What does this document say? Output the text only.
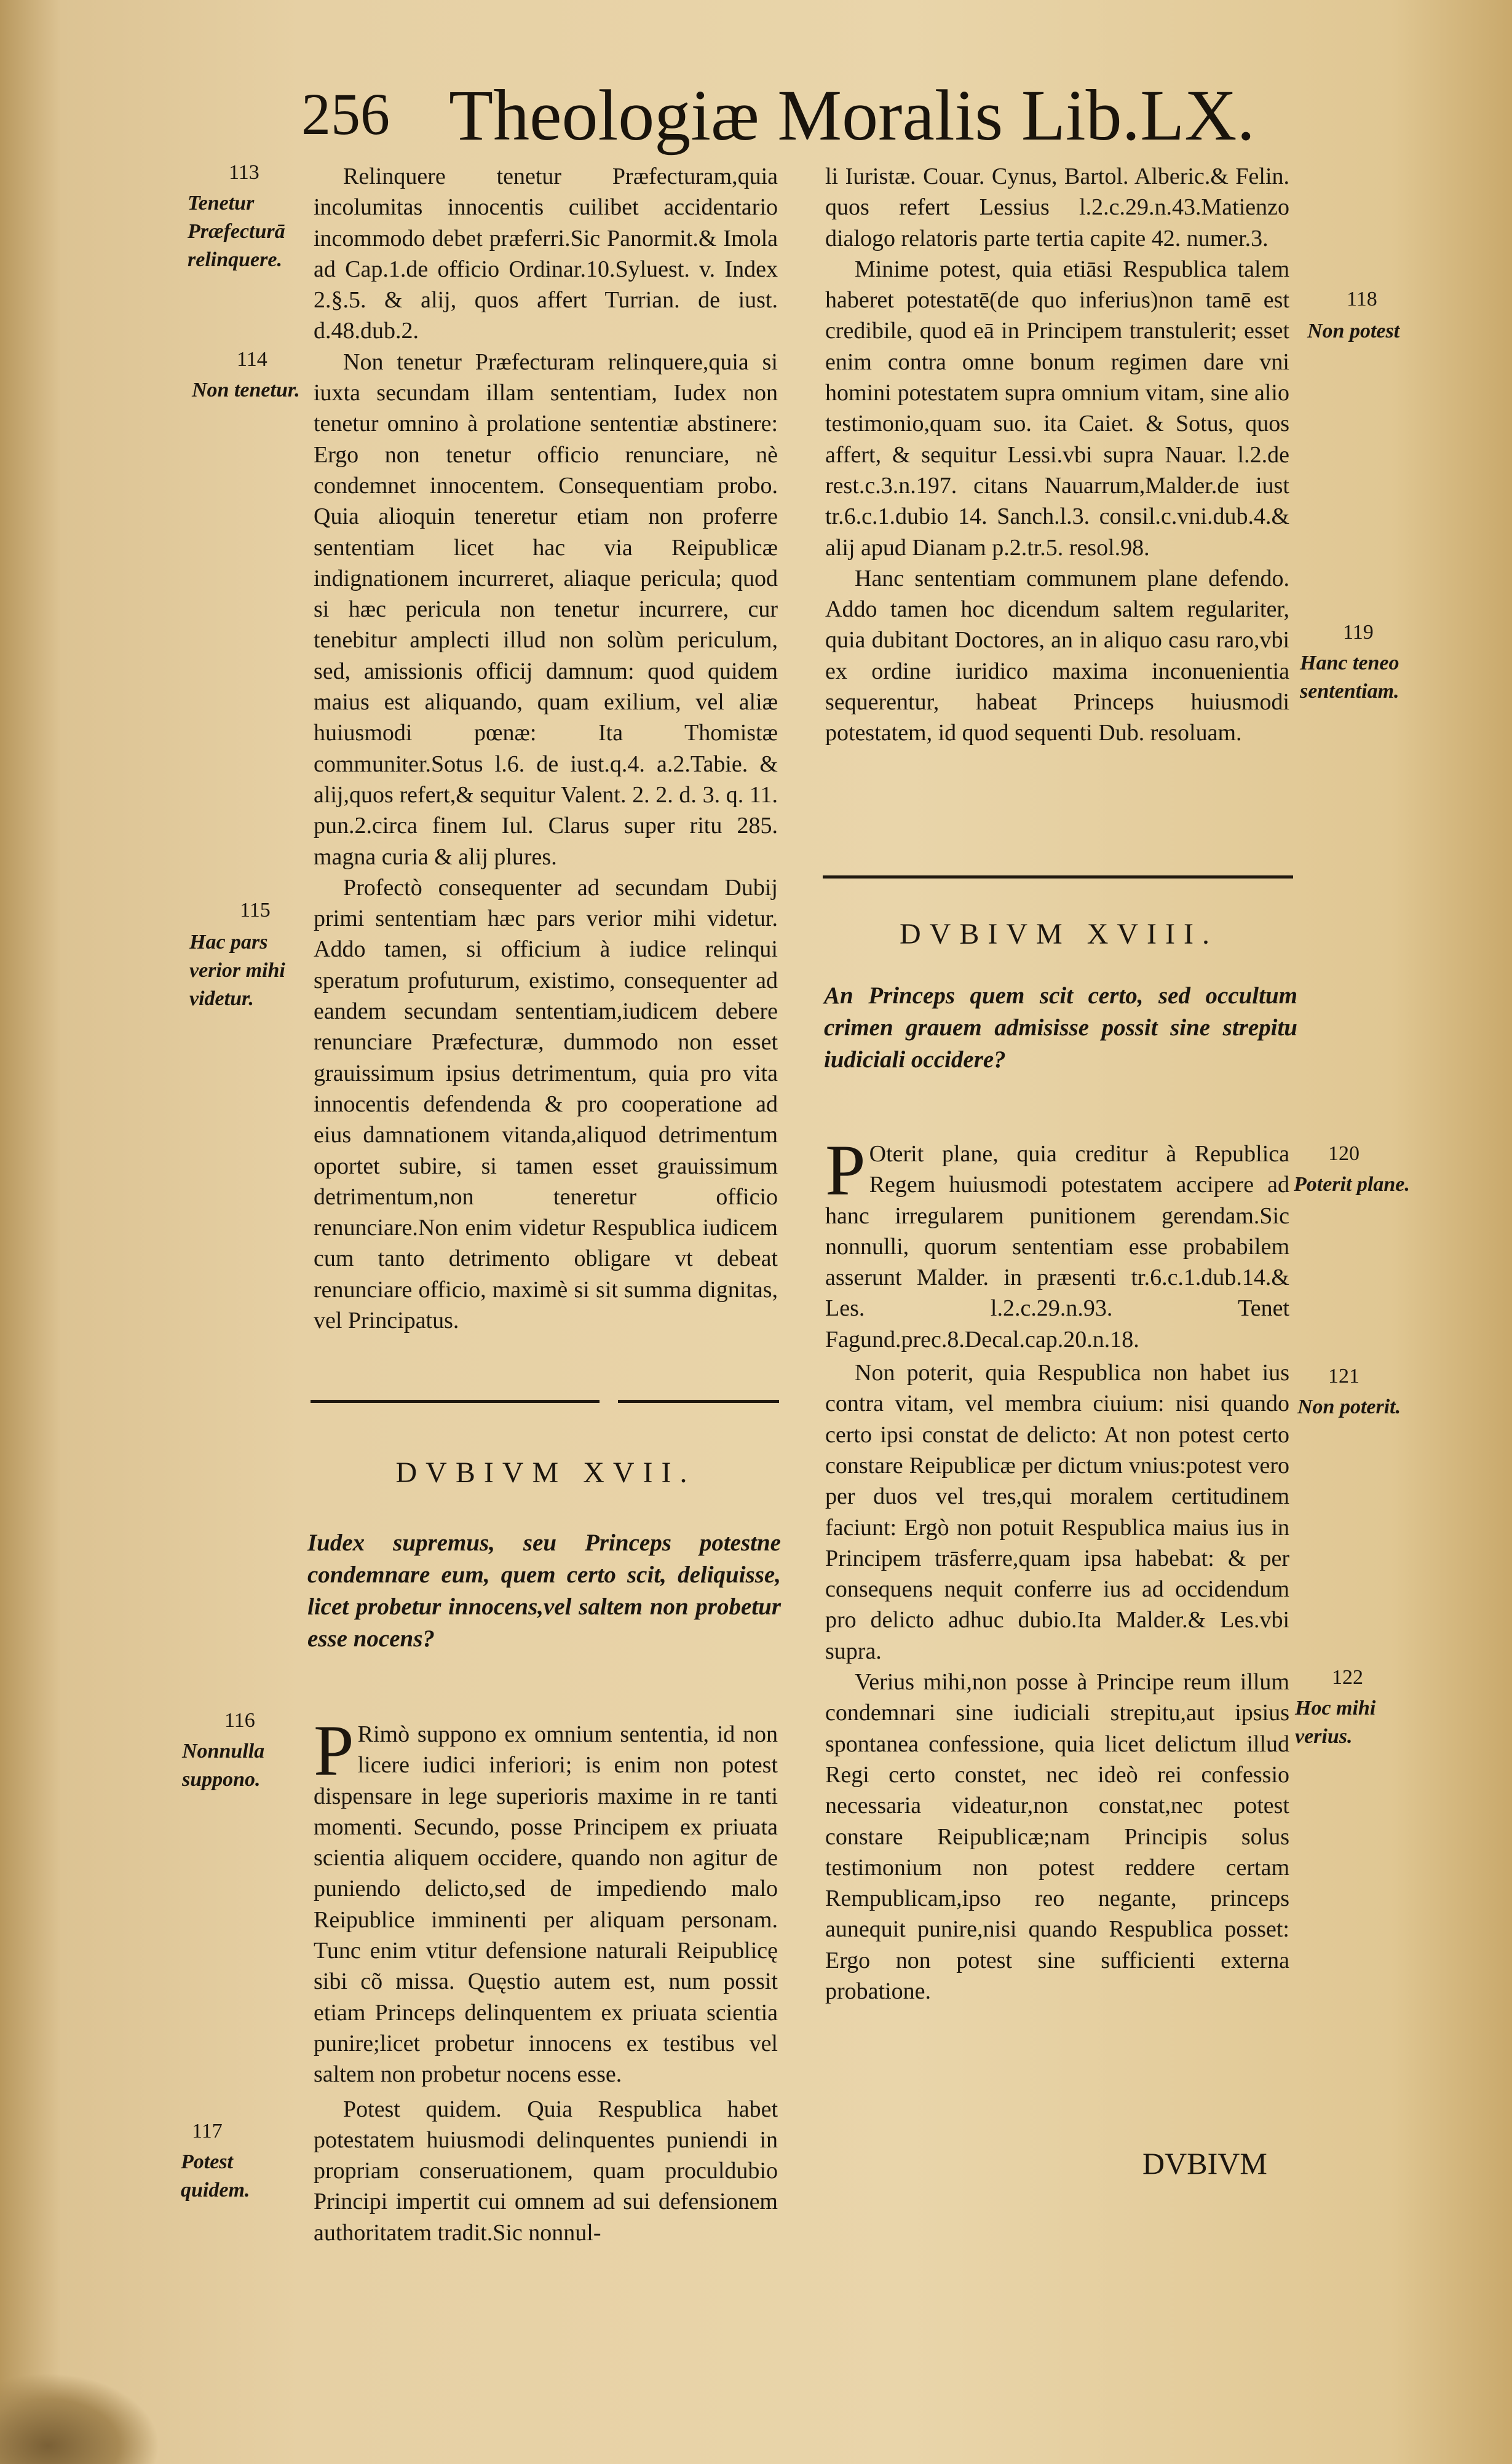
256 Theologiæ Moralis Lib.LX.

Relinquere tenetur Præfecturam,quia incolumitas innocentis cuilibet accidentario incommodo debet præferri.Sic Panormit.& Imola ad Cap.1.de officio Ordinar.10.Syluest. v. Index 2.§.5. & alij, quos affert Turrian. de iust. d.48.dub.2.

Non tenetur Præfecturam relinquere,quia si iuxta secundam illam sententiam, Iudex non tenetur omnino à prolatione sententiæ abstinere: Ergo non tenetur officio renunciare, nè condemnet innocentem. Consequentiam probo. Quia alioquin teneretur etiam non proferre sententiam licet hac via Reipublicæ indignationem incurreret, aliaque pericula; quod si hæc pericula non tenetur incurrere, cur tenebitur amplecti illud non solùm periculum, sed, amissionis officij damnum: quod quidem maius est aliquando, quam exilium, vel aliæ huiusmodi pœnæ: Ita Thomistæ communiter.Sotus l.6. de iust.q.4. a.2.Tabie. & alij,quos refert,& sequitur Valent. 2. 2. d. 3. q. 11. pun.2.circa finem Iul. Clarus super ritu 285. magna curia & alij plures.

Profectò consequenter ad secundam Dubij primi sententiam hæc pars verior mihi videtur. Addo tamen, si officium à iudice relinqui speratum profuturum, existimo, consequenter ad eandem secundam sententiam,iudicem debere renunciare Præfecturæ, dummodo non esset grauissimum ipsius detrimentum, quia pro vita innocentis defendenda & pro cooperatione ad eius damnationem vitanda,aliquod detrimentum oportet subire, si tamen esset grauissimum detrimentum,non teneretur officio renunciare.Non enim videtur Respublica iudicem cum tanto detrimento obligare vt debeat renunciare officio, maximè si sit summa dignitas, vel Principatus.

DVBIVM XVII.
Iudex supremus, seu Princeps potestne condemnare eum, quem certo scit, deliquisse, licet probetur innocens,vel saltem non probetur esse nocens?

P Rimò suppono ex omnium sententia, id non licere iudici inferiori; is enim non potest dispensare in lege superioris maxime in re tanti momenti. Secundo, posse Principem ex priuata scientia aliquem occidere, quando non agitur de puniendo delicto,sed de impediendo malo Reipublice imminenti per aliquam personam. Tunc enim vtitur defensione naturali Reipublicę sibi cõ missa. Quęstio autem est, num possit etiam Princeps delinquentem ex priuata scientia punire;licet probetur innocens ex testibus vel saltem non probetur nocens esse.

Potest quidem. Quia Respublica habet potestatem huiusmodi delinquentes puniendi in propriam conseruationem, quam proculdubio Principi impertit cui omnem ad sui defensionem authoritatem tradit.Sic nonnul-

113
Tenetur Præfecturā relinquere.
114
Non tenetur.
115
Hac pars verior mihi videtur.
116
Nonnulla suppono.
117
Potest quidem.

li Iuristæ. Couar. Cynus, Bartol. Alberic.& Felin. quos refert Lessius l.2.c.29.n.43.Matienzo dialogo relatoris parte tertia capite 42. numer.3.

Minime potest, quia etiāsi Respublica talem haberet potestatē(de quo inferius)non tamē est credibile, quod eā in Principem transtulerit; esset enim contra omne bonum regimen dare vni homini potestatem supra omnium vitam, sine alio testimonio,quam suo. ita Caiet. & Sotus, quos affert, & sequitur Lessi.vbi supra Nauar. l.2.de rest.c.3.n.197. citans Nauarrum,Malder.de iust tr.6.c.1.dubio 14. Sanch.l.3. consil.c.vni.dub.4.& alij apud Dianam p.2.tr.5. resol.98.

Hanc sententiam communem plane defendo. Addo tamen hoc dicendum saltem regulariter, quia dubitant Doctores, an in aliquo casu raro,vbi ex ordine iuridico maxima inconuenientia sequerentur, habeat Princeps huiusmodi potestatem, id quod sequenti Dub. resoluam.

DVBIVM XVIII.
An Princeps quem scit certo, sed occultum crimen grauem admisisse possit sine strepitu iudiciali occidere?

P Oterit plane, quia creditur à Republica Regem huiusmodi potestatem accipere ad hanc irregularem punitionem gerendam.Sic nonnulli, quorum sententiam esse probabilem asserunt Malder. in præsenti tr.6.c.1.dub.14.& Les. l.2.c.29.n.93. Tenet Fagund.prec.8.Decal.cap.20.n.18.

Non poterit, quia Respublica non habet ius contra vitam, vel membra ciuium: nisi quando certo ipsi constat de delicto: At non potest certo constare Reipublicæ per dictum vnius:potest vero per duos vel tres,qui moralem certitudinem faciunt: Ergò non potuit Respublica maius ius in Principem trāsferre,quam ipsa habebat: & per consequens nequit conferre ius ad occidendum pro delicto adhuc dubio.Ita Malder.& Les.vbi supra.

Verius mihi,non posse à Principe reum illum condemnari sine iudiciali strepitu,aut ipsius spontanea confessione, quia licet delictum illud Regi certo constet, nec ideò rei confessio necessaria videatur,non constat,nec potest constare Reipublicæ;nam Principis solus testimonium non potest reddere certam Rempublicam,ipso reo negante, princeps aunequit punire,nisi quando Respublica posset: Ergo non potest sine sufficienti externa probatione.

118
Non potest
119
Hanc teneo sententiam.
120
Poterit plane.
121
Non poterit.
122
Hoc mihi verius.
DVBIVM
